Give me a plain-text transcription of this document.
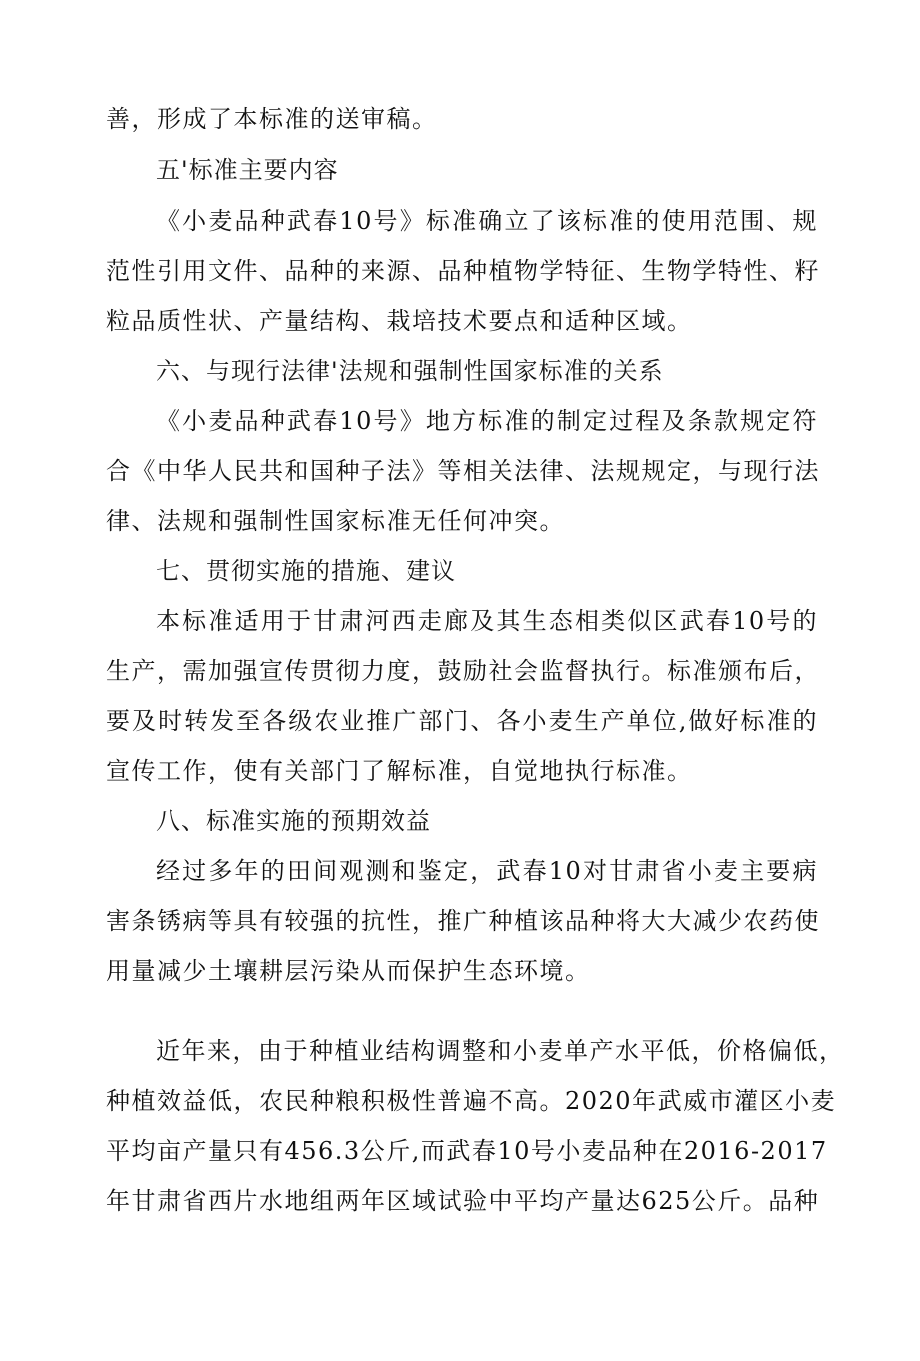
善，形成了本标准的送审稿。

五'标准主要内容

《小麦品种武春10号》标准确立了该标准的使用范围、规

范性引用文件、品种的来源、品种植物学特征、生物学特性、籽

粒品质性状、产量结构、栽培技术要点和适种区域。

六、与现行法律'法规和强制性国家标准的关系

《小麦品种武春10号》地方标准的制定过程及条款规定符

合《中华人民共和国种子法》等相关法律、法规规定，与现行法

律、法规和强制性国家标准无任何冲突。

七、贯彻实施的措施、建议

本标准适用于甘肃河西走廊及其生态相类似区武春10号的

生产，需加强宣传贯彻力度，鼓励社会监督执行。标准颁布后，

要及时转发至各级农业推广部门、各小麦生产单位,做好标准的

宣传工作，使有关部门了解标准，自觉地执行标准。

八、标准实施的预期效益

经过多年的田间观测和鉴定，武春10对甘肃省小麦主要病

害条锈病等具有较强的抗性，推广种植该品种将大大减少农药使

用量减少土壤耕层污染从而保护生态环境。

近年来，由于种植业结构调整和小麦单产水平低，价格偏低，

种植效益低，农民种粮积极性普遍不高。2020年武威市灌区小麦

平均亩产量只有456.3公斤,而武春10号小麦品种在2016-2017

年甘肃省西片水地组两年区域试验中平均产量达625公斤。品种
